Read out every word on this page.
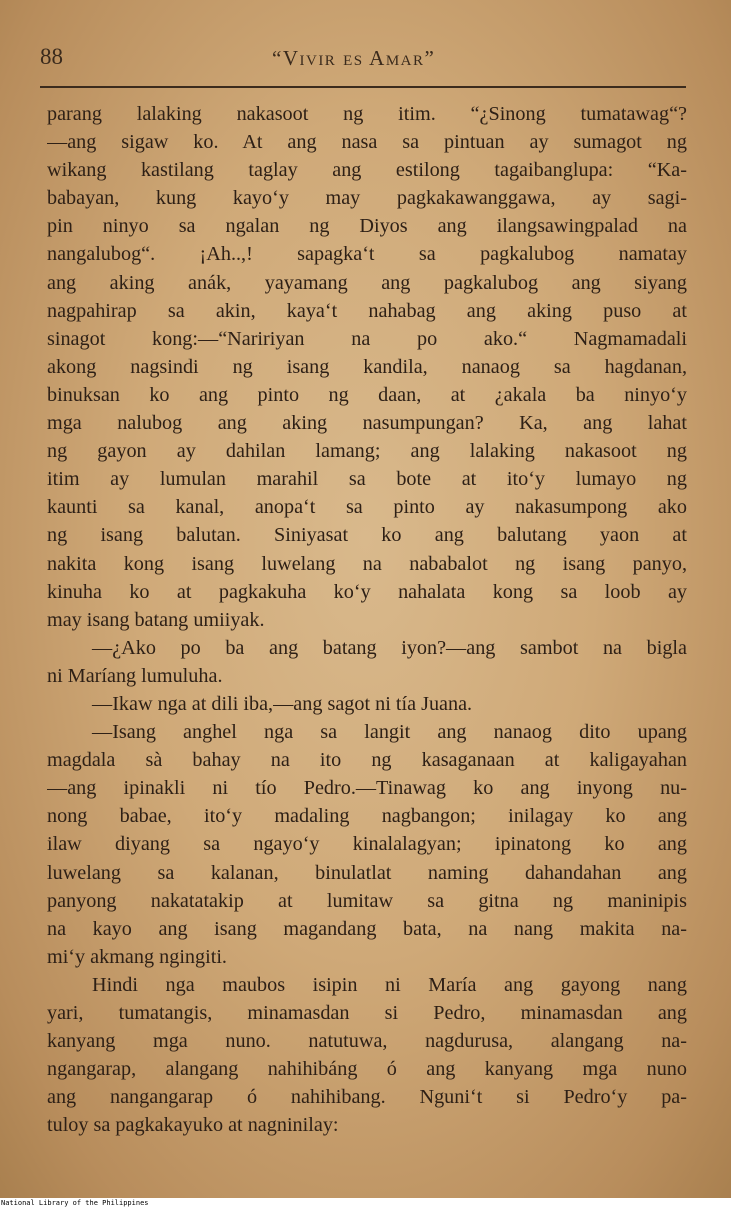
88	“Vivir es Amar”
parang lalaking nakasoot ng itim. “¿Sinong tumatawag“?
—ang sigaw ko. At ang nasa sa pintuan ay sumagot ng
wikang kastilang taglay ang estilong tagaibanglupa: “Ka-
babayan, kung kayo‘y may pagkakawanggawa, ay sagi-
pin ninyo sa ngalan ng Diyos ang ilangsawingpalad na
nangalubog“. ¡Ah..,! sapagka‘t sa pagkalubog namatay
ang aking anák, yayamang ang pagkalubog ang siyang
nagpahirap sa akin, kaya‘t nahabag ang aking puso at
sinagot kong:—“Naririyan na po ako.“ Nagmamadali
akong nagsindi ng isang kandila, nanaog sa hagdanan,
binuksan ko ang pinto ng daan, at ¿akala ba ninyo‘y
mga nalubog ang aking nasumpungan? Ka, ang lahat
ng gayon ay dahilan lamang; ang lalaking nakasoot ng
itim ay lumulan marahil sa bote at ito‘y lumayo ng
kaunti sa kanal, anopa‘t sa pinto ay nakasumpong ako
ng isang balutan. Siniyasat ko ang balutang yaon at
nakita kong isang luwelang na nababalot ng isang panyo,
kinuha ko at pagkakuha ko‘y nahalata kong sa loob ay
may isang batang umiiyak.
—¿Ako po ba ang batang iyon?—ang sambot na bigla
ni Maríang lumuluha.
—Ikaw nga at dili iba,—ang sagot ni tía Juana.
—Isang anghel nga sa langit ang nanaog dito upang
magdala sà bahay na ito ng kasaganaan at kaligayahan
—ang ipinakli ni tío Pedro.—Tinawag ko ang inyong nu-
nong babae, ito‘y madaling nagbangon; inilagay ko ang
ilaw diyang sa ngayo‘y kinalalagyan; ipinatong ko ang
luwelang sa kalanan, binulatlat naming dahandahan ang
panyong nakatatakip at lumitaw sa gitna ng maninipis
na kayo ang isang magandang bata, na nang makita na-
mi‘y akmang ngingiti.
Hindi nga maubos isipin ni María ang gayong nang
yari, tumatangis, minamasdan si Pedro, minamasdan ang
kanyang mga nuno. natutuwa, nagdurusa, alangang na-
ngangarap, alangang nahihibáng ó ang kanyang mga nuno
ang nangangarap ó nahihibang. Nguni‘t si Pedro‘y pa-
tuloy sa pagkakayuko at nagninilay:
National Library of the Philippines
